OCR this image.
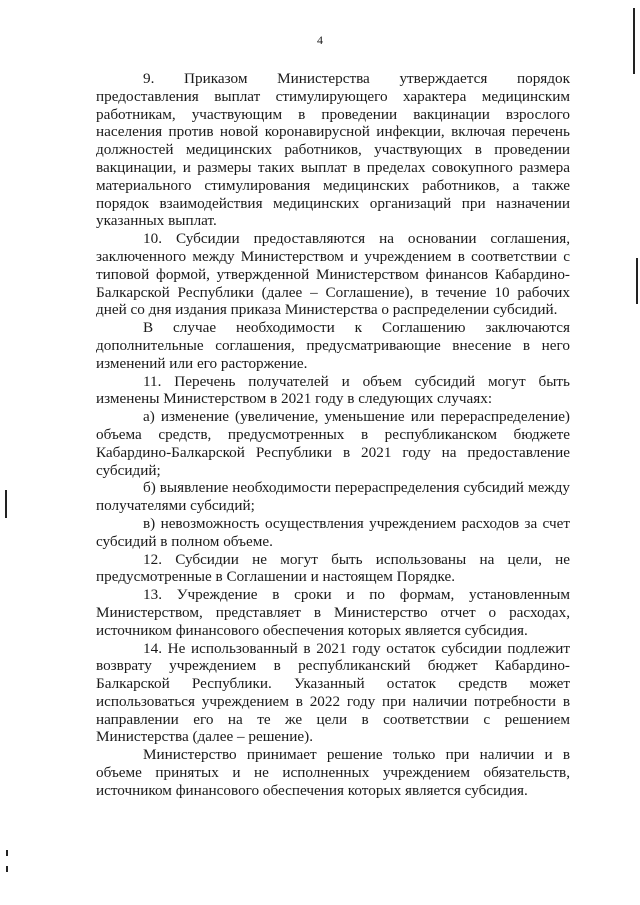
4

9. Приказом Министерства утверждается порядок предоставления выплат стимулирующего характера медицинским работникам, участвующим в проведении вакцинации взрослого населения против новой коронавирусной инфекции, включая перечень должностей медицинских работников, участвующих в проведении вакцинации, и размеры таких выплат в пределах совокупного размера материального стимулирования медицинских работников, а также порядок взаимодействия медицинских организаций при назначении указанных выплат.

10. Субсидии предоставляются на основании соглашения, заключенного между Министерством и учреждением в соответствии с типовой формой, утвержденной Министерством финансов Кабардино-Балкарской Республики (далее – Соглашение), в течение 10 рабочих дней со дня издания приказа Министерства о распределении субсидий.

В случае необходимости к Соглашению заключаются дополнительные соглашения, предусматривающие внесение в него изменений или его расторжение.

11. Перечень получателей и объем субсидий могут быть изменены Министерством в 2021 году в следующих случаях:

а) изменение (увеличение, уменьшение или перераспределение) объема средств, предусмотренных в республиканском бюджете Кабардино-Балкарской Республики в 2021 году на предоставление субсидий;

б) выявление необходимости перераспределения субсидий между получателями субсидий;

в) невозможность осуществления учреждением расходов за счет субсидий в полном объеме.

12. Субсидии не могут быть использованы на цели, не предусмотренные в Соглашении и настоящем Порядке.

13. Учреждение в сроки и по формам, установленным Министерством, представляет в Министерство отчет о расходах, источником финансового обеспечения которых является субсидия.

14. Не использованный в 2021 году остаток субсидии подлежит возврату учреждением в республиканский бюджет Кабардино-Балкарской Республики. Указанный остаток средств может использоваться учреждением в 2022 году при наличии потребности в направлении его на те же цели в соответствии с решением Министерства (далее – решение).

Министерство принимает решение только при наличии и в объеме принятых и не исполненных учреждением обязательств, источником финансового обеспечения которых является субсидия.
